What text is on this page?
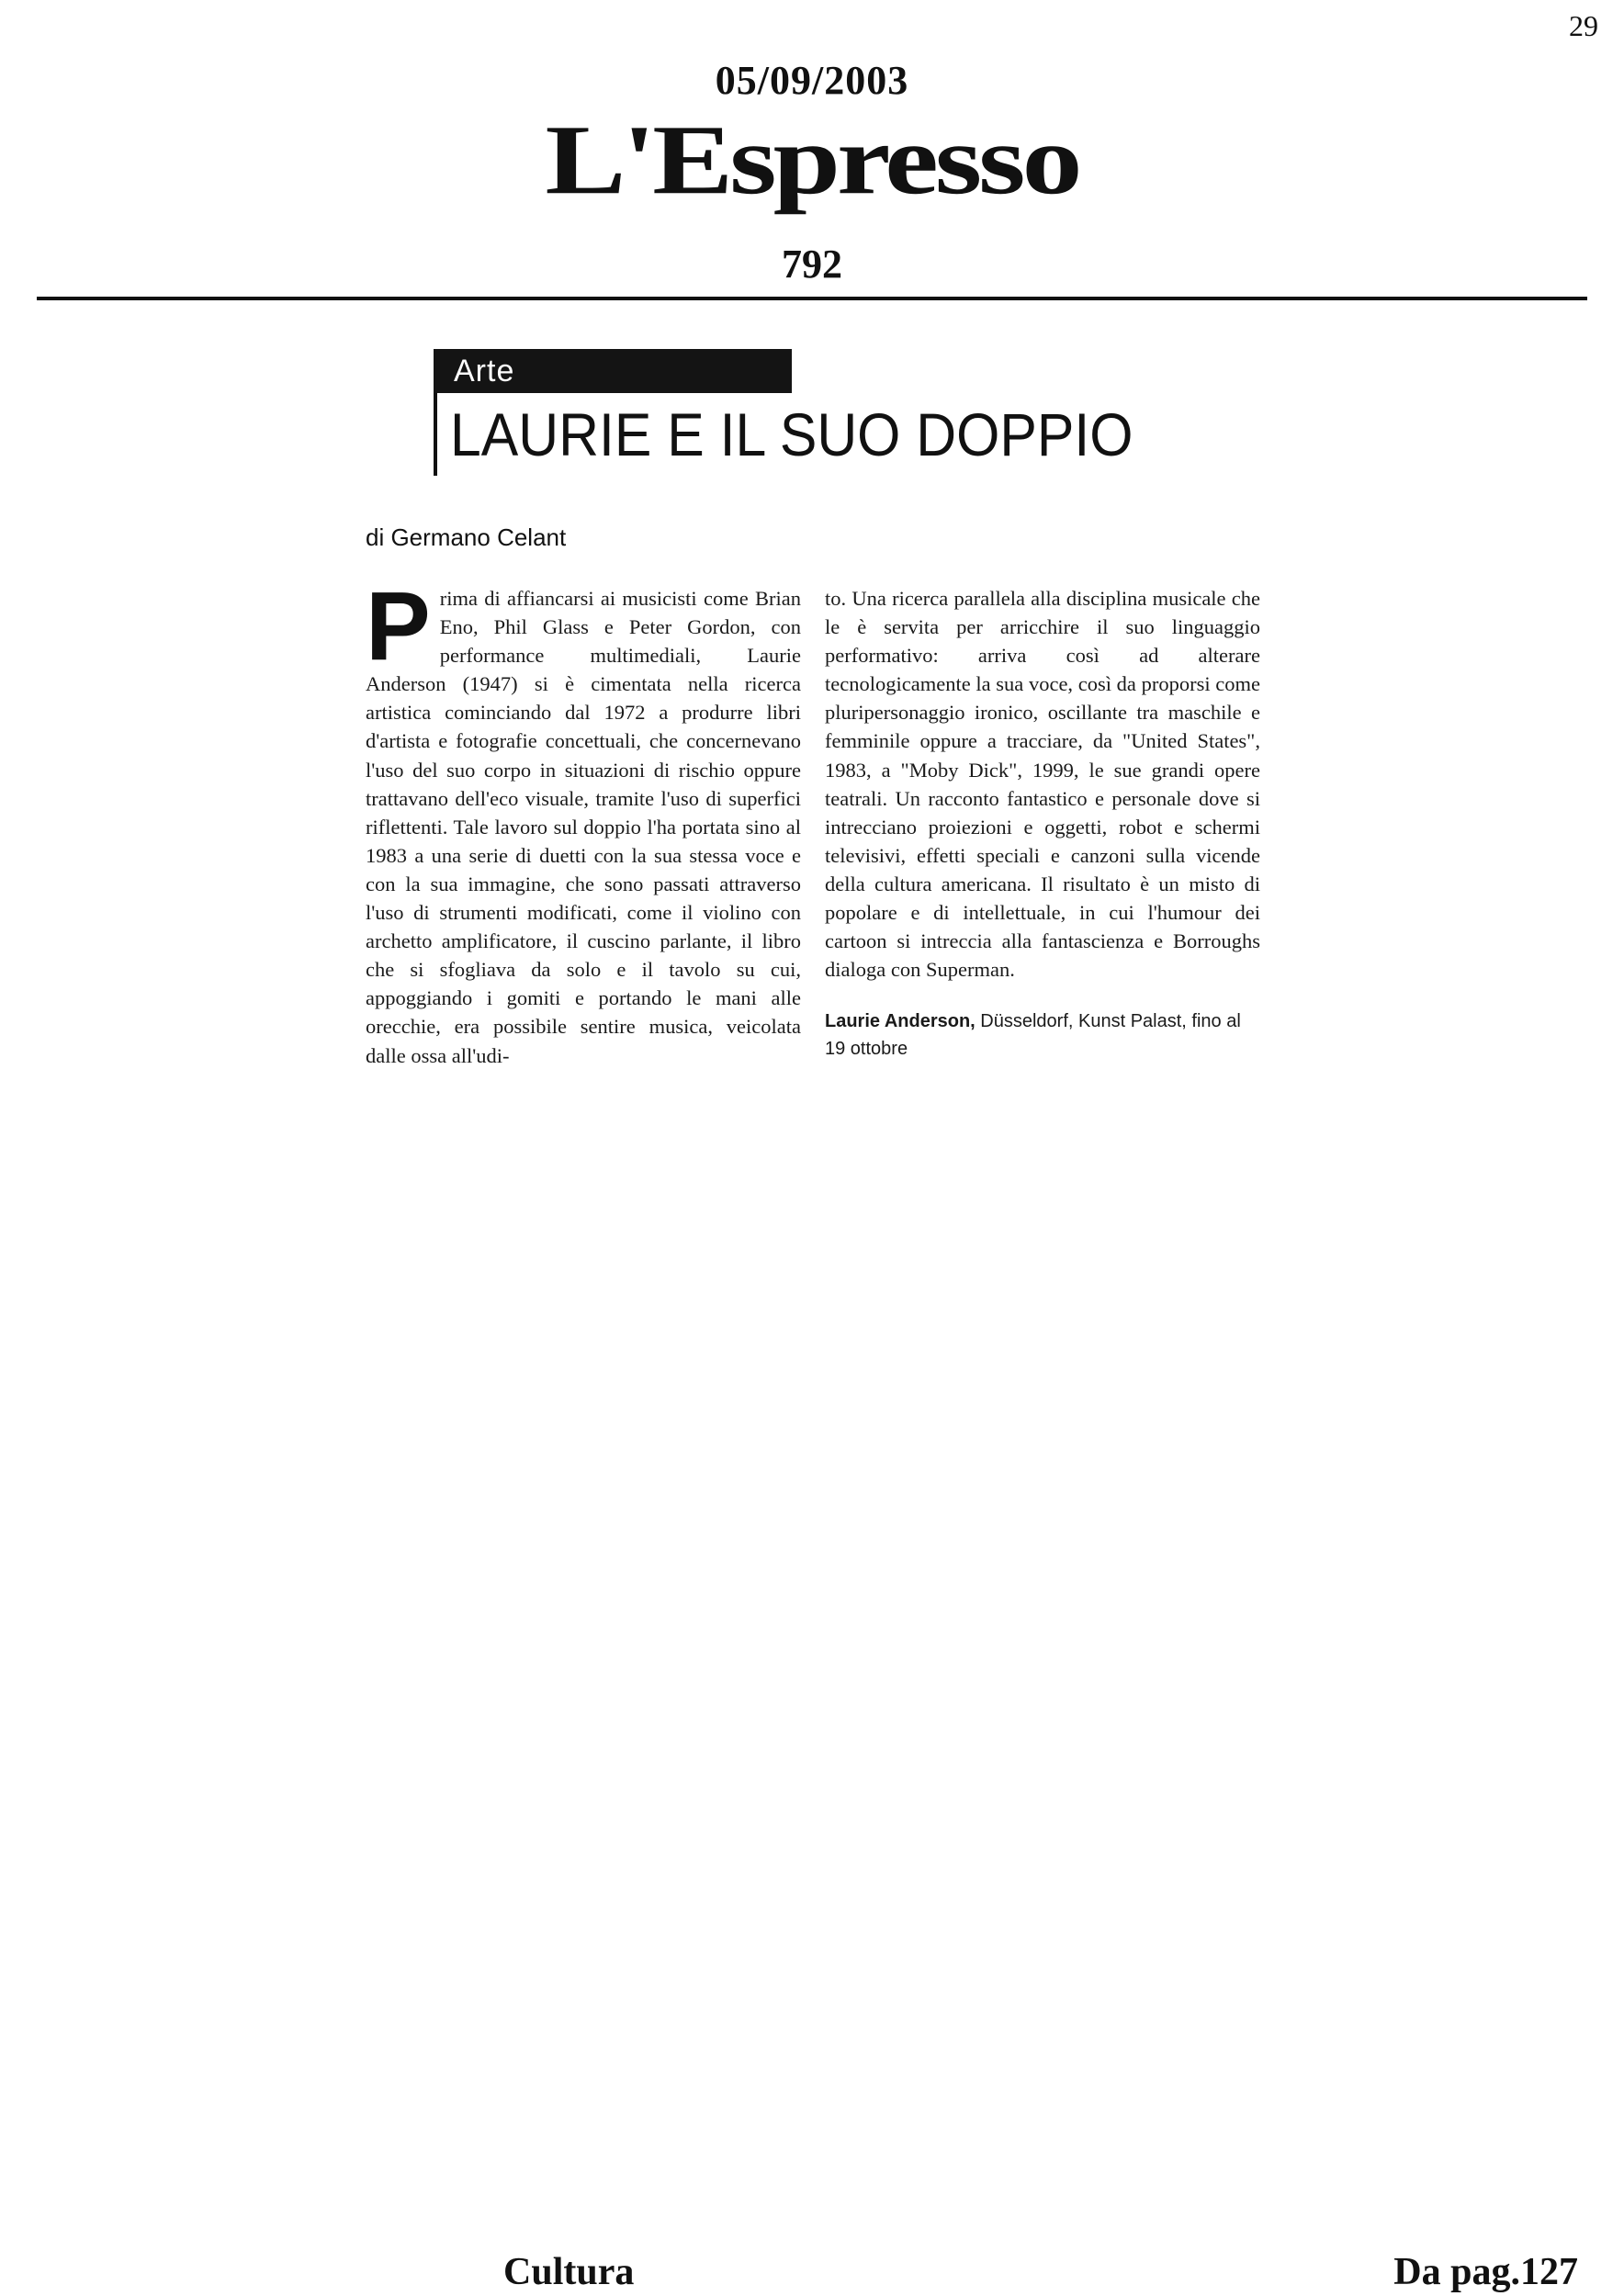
29
05/09/2003
L'Espresso
792
Arte
LAURIE E IL SUO DOPPIO
di Germano Celant
P rima di affiancarsi ai musicisti come Brian Eno, Phil Glass e Peter Gordon, con performance multimediali, Laurie Anderson (1947) si è cimentata nella ricerca artistica cominciando dal 1972 a produrre libri d'artista e fotografie concettuali, che concernevano l'uso del suo corpo in situazioni di rischio oppure trattavano dell'eco visuale, tramite l'uso di superfici riflettenti. Tale lavoro sul doppio l'ha portata sino al 1983 a una serie di duetti con la sua stessa voce e con la sua immagine, che sono passati attraverso l'uso di strumenti modificati, come il violino con archetto amplificatore, il cuscino parlante, il libro che si sfogliava da solo e il tavolo su cui, appoggiando i gomiti e portando le mani alle orecchie, era possibile sentire musica, veicolata dalle ossa all'udi-

to. Una ricerca parallela alla disciplina musicale che le è servita per arricchire il suo linguaggio performativo: arriva così ad alterare tecnologicamente la sua voce, così da proporsi come pluripersonaggio ironico, oscillante tra maschile e femminile oppure a tracciare, da "United States", 1983, a "Moby Dick", 1999, le sue grandi opere teatrali. Un racconto fantastico e personale dove si intrecciano proiezioni e oggetti, robot e schermi televisivi, effetti speciali e canzoni sulla vicende della cultura americana. Il risultato è un misto di popolare e di intellettuale, in cui l'humour dei cartoon si intreccia alla fantascienza e Borroughs dialoga con Superman.

Laurie Anderson, Düsseldorf, Kunst Palast, fino al 19 ottobre

Cultura	Da pag.127
